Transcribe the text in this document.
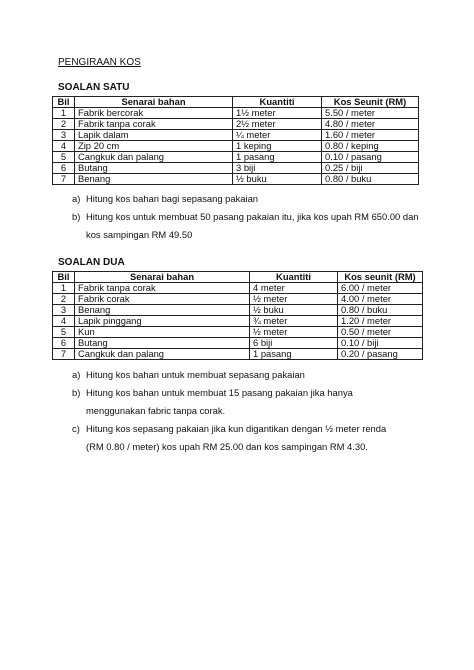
PENGIRAAN KOS
SOALAN SATU
Bil	Senarai bahan	Kuantiti	Kos Seunit (RM)
1	Fabrik bercorak	1½ meter	5.50 / meter
2	Fabrik tanpa corak	2½ meter	4.80 / meter
3	Lapik dalam	¼ meter	1.60 / meter
4	Zip 20 cm	1 keping	0.80 / keping
5	Cangkuk dan palang	1 pasang	0.10 / pasang
6	Butang	3 biji	0.25 / biji
7	Benang	½ buku	0.80 / buku
a) Hitung kos bahan bagi sepasang pakaian
b) Hitung kos untuk membuat 50 pasang pakaian itu, jika kos upah RM 650.00 dan kos sampingan RM 49.50
SOALAN DUA
Bil	Senarai bahan	Kuantiti	Kos seunit (RM)
1	Fabrik tanpa corak	4 meter	6.00 / meter
2	Fabrik corak	½ meter	4.00 / meter
3	Benang	½ buku	0.80 / buku
4	Lapik pinggang	¾ meter	1.20 / meter
5	Kun	½ meter	0.50 / meter
6	Butang	6 biji	0.10 / biji
7	Cangkuk dan palang	1 pasang	0.20 / pasang
a) Hitung kos bahan untuk membuat sepasang pakaian
b) Hitung kos bahan untuk membuat 15 pasang pakaian jika hanya menggunakan fabric tanpa corak.
c) Hitung kos sepasang pakaian jika kun digantikan dengan ½ meter renda (RM 0.80 / meter) kos upah RM 25.00 dan kos sampingan RM 4.30.
